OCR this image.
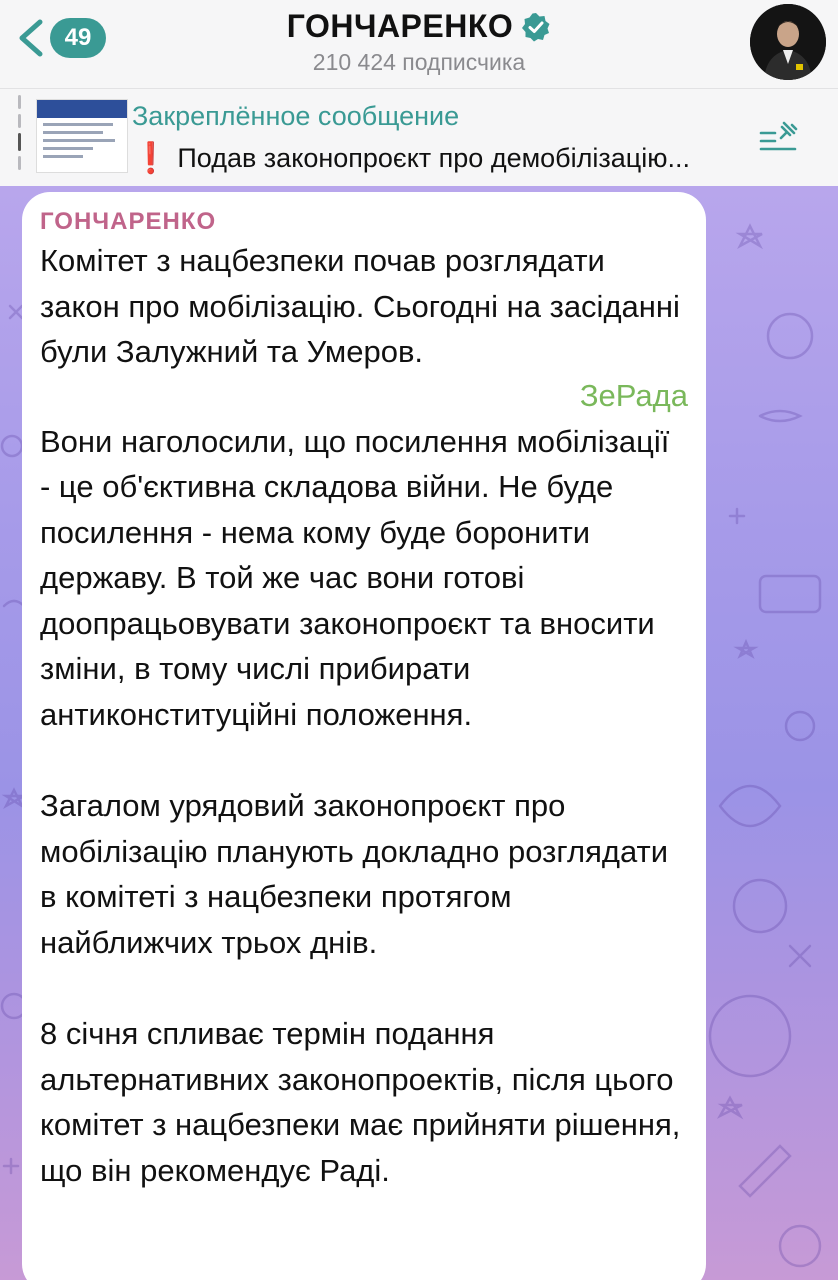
49	ГОНЧАРЕНКО
210 424 подписчика
Закреплённое сообщение
❗ Подав законопроєкт про демобілізацію...
ГОНЧАРЕНКО
Комітет з нацбезпеки почав розглядати закон про мобілізацію. Сьогодні на засіданні були Залужний та Умеров.
ЗеРада
Вони наголосили, що посилення мобілізації - це об'єктивна складова війни. Не буде посилення - нема кому буде боронити державу. В той же час вони готові доопрацьовувати законопроєкт та вносити зміни, в тому числі прибирати антиконституційні положення.
Загалом урядовий законопроєкт про мобілізацію планують докладно розглядати в комітеті з нацбезпеки протягом найближчих трьох днів.
8 січня спливає термін подання альтернативних законопроектів, після цього комітет з нацбезпеки має прийняти рішення, що він рекомендує Раді.
